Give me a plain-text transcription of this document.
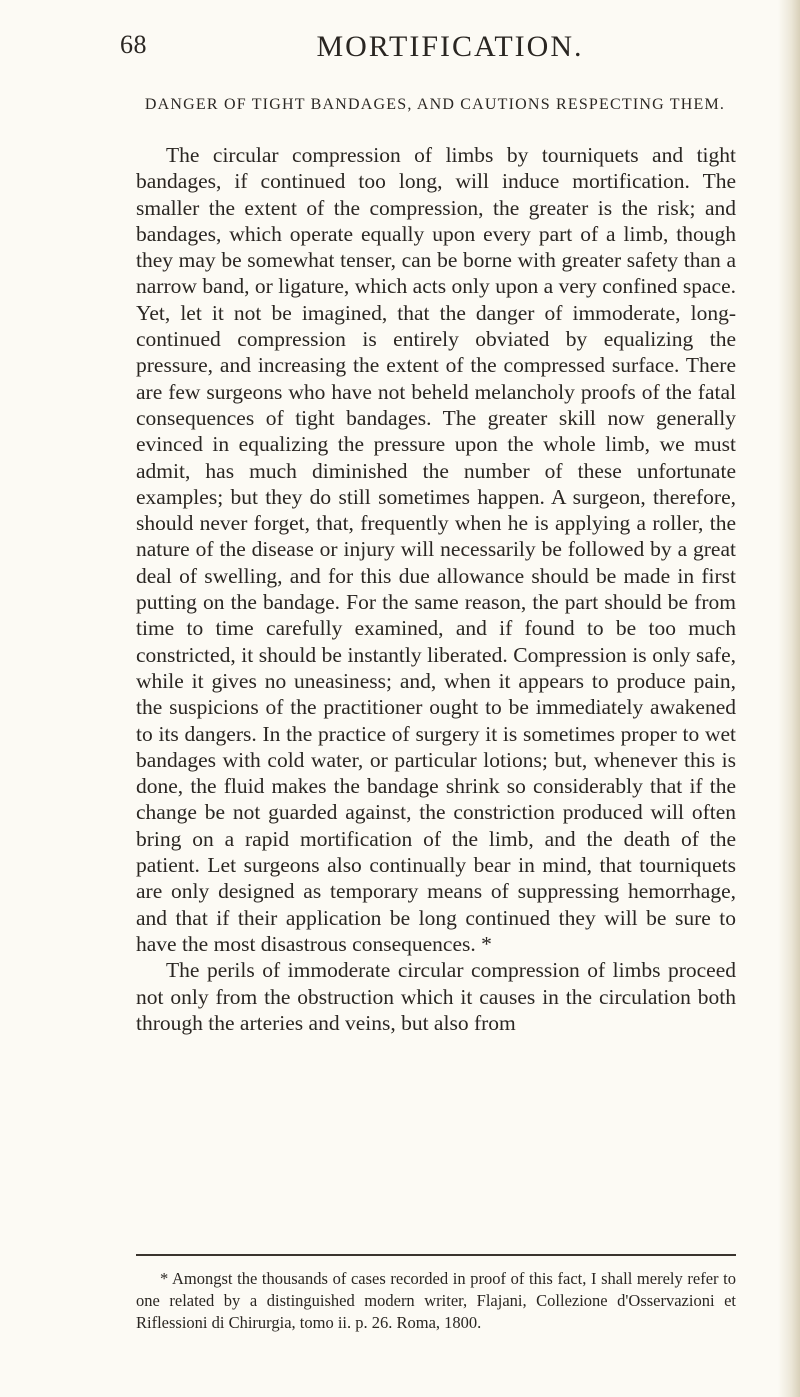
68	MORTIFICATION.
DANGER OF TIGHT BANDAGES, AND CAUTIONS RESPECTING THEM.

The circular compression of limbs by tourniquets and tight bandages, if continued too long, will induce mortification. The smaller the extent of the compression, the greater is the risk; and bandages, which operate equally upon every part of a limb, though they may be somewhat tenser, can be borne with greater safety than a narrow band, or ligature, which acts only upon a very confined space. Yet, let it not be imagined, that the danger of immoderate, long-continued compression is entirely obviated by equalizing the pressure, and increasing the extent of the compressed surface. There are few surgeons who have not beheld melancholy proofs of the fatal consequences of tight bandages. The greater skill now generally evinced in equalizing the pressure upon the whole limb, we must admit, has much diminished the number of these unfortunate examples; but they do still sometimes happen. A surgeon, therefore, should never forget, that, frequently when he is applying a roller, the nature of the disease or injury will necessarily be followed by a great deal of swelling, and for this due allowance should be made in first putting on the bandage. For the same reason, the part should be from time to time carefully examined, and if found to be too much constricted, it should be instantly liberated. Compression is only safe, while it gives no uneasiness; and, when it appears to produce pain, the suspicions of the practitioner ought to be immediately awakened to its dangers. In the practice of surgery it is sometimes proper to wet bandages with cold water, or particular lotions; but, whenever this is done, the fluid makes the bandage shrink so considerably that if the change be not guarded against, the constriction produced will often bring on a rapid mortification of the limb, and the death of the patient. Let surgeons also continually bear in mind, that tourniquets are only designed as temporary means of suppressing hemorrhage, and that if their application be long continued they will be sure to have the most disastrous consequences. *

The perils of immoderate circular compression of limbs proceed not only from the obstruction which it causes in the circulation both through the arteries and veins, but also from

* Amongst the thousands of cases recorded in proof of this fact, I shall merely refer to one related by a distinguished modern writer, Flajani, Collezione d'Osservazioni et Riflessioni di Chirurgia, tomo ii. p. 26. Roma, 1800.
